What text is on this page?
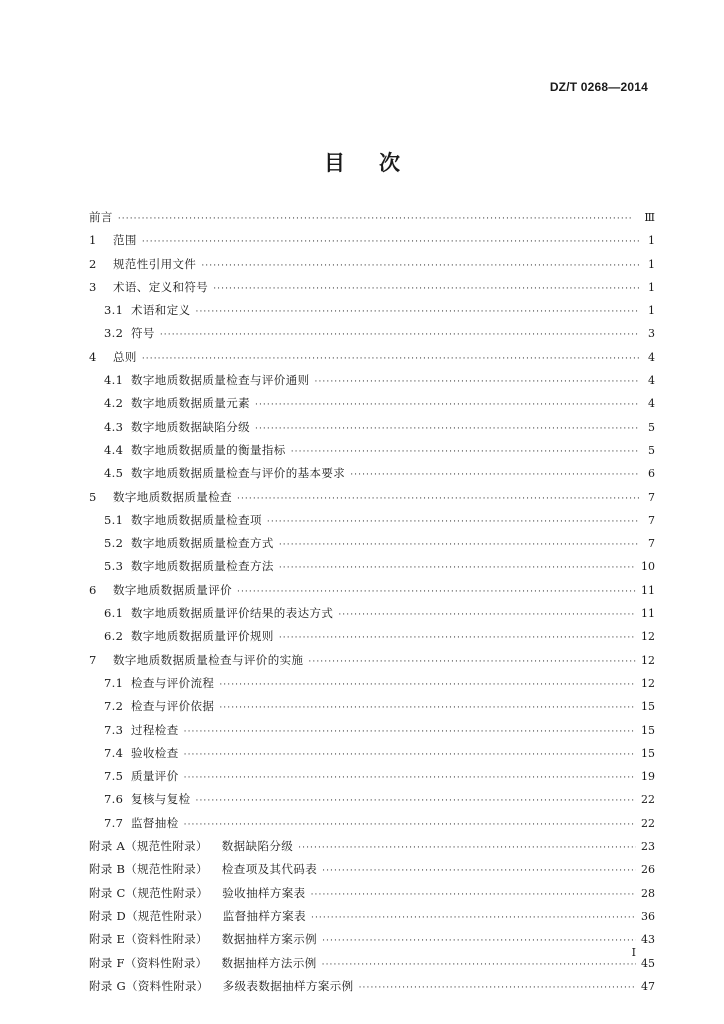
DZ/T 0268—2014
目次
前言 ·····	Ⅲ
1	范围 ·····	1
2	规范性引用文件 ·····	1
3	术语、定义和符号 ·····	1
3.1 术语和定义 ·····	1
3.2 符号 ·····	3
4	总则 ·····	4
4.1 数字地质数据质量检查与评价通则 ·····	4
4.2 数字地质数据质量元素 ·····	4
4.3 数字地质数据缺陷分级 ·····	5
4.4 数字地质数据质量的衡量指标 ·····	5
4.5 数字地质数据质量检查与评价的基本要求 ·····	6
5	数字地质数据质量检查 ·····	7
5.1 数字地质数据质量检查项 ·····	7
5.2 数字地质数据质量检查方式 ·····	7
5.3 数字地质数据质量检查方法 ·····	10
6	数字地质数据质量评价 ·····	11
6.1 数字地质数据质量评价结果的表达方式 ·····	11
6.2 数字地质数据质量评价规则 ·····	12
7	数字地质数据质量检查与评价的实施 ·····	12
7.1 检查与评价流程 ·····	12
7.2 检查与评价依据 ·····	15
7.3 过程检查 ·····	15
7.4 验收检查 ·····	15
7.5 质量评价 ·····	19
7.6 复核与复检 ·····	22
7.7 监督抽检 ·····	22
附录 A（规范性附录） 数据缺陷分级 ·····	23
附录 B（规范性附录） 检查项及其代码表 ·····	26
附录 C（规范性附录） 验收抽样方案表 ·····	28
附录 D（规范性附录） 监督抽样方案表 ·····	36
附录 E（资料性附录） 数据抽样方案示例 ·····	43
附录 F（资料性附录） 数据抽样方法示例 ·····	45
附录 G（资料性附录） 多级表数据抽样方案示例 ·····	47
I
